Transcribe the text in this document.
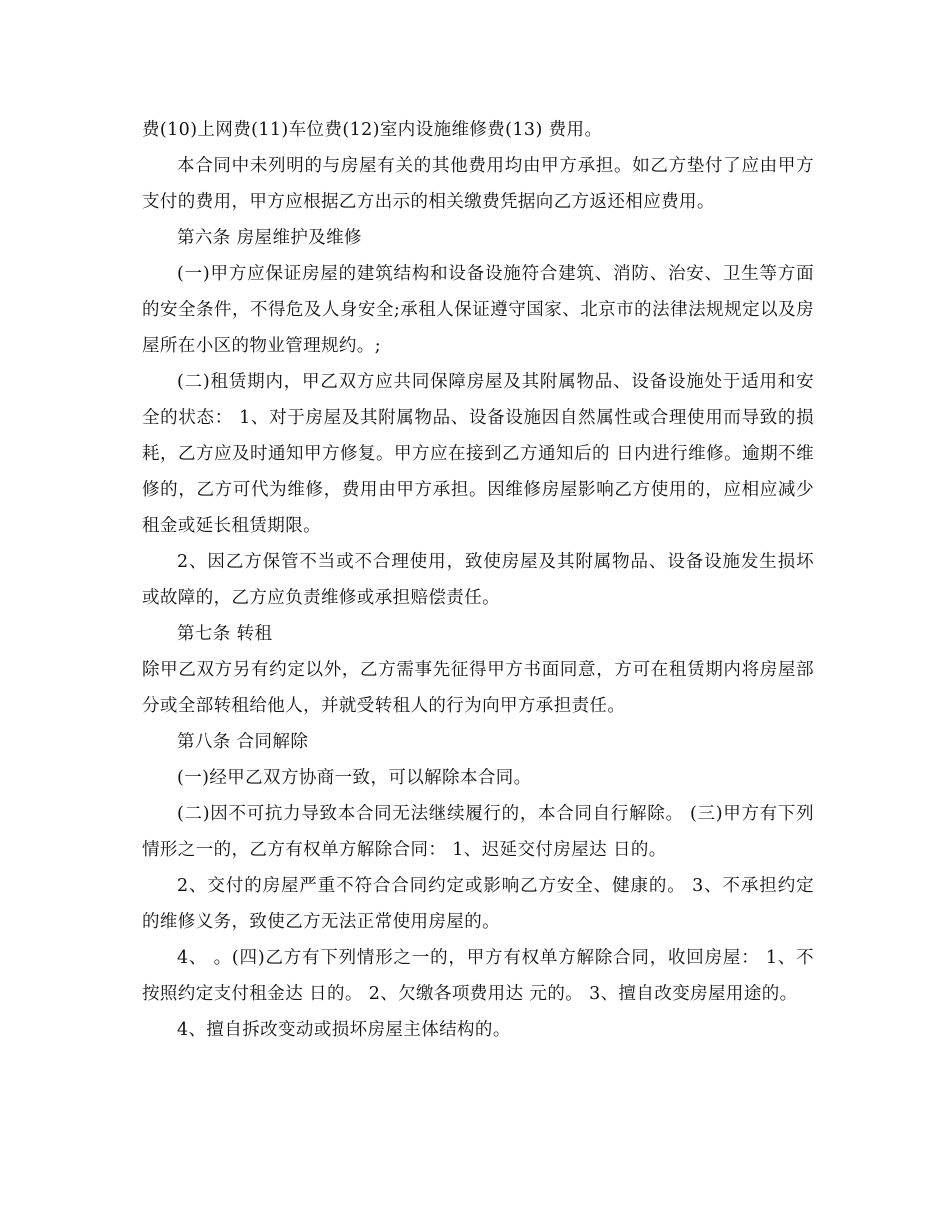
费(10)上网费(11)车位费(12)室内设施维修费(13) 费用。

本合同中未列明的与房屋有关的其他费用均由甲方承担。如乙方垫付了应由甲方支付的费用，甲方应根据乙方出示的相关缴费凭据向乙方返还相应费用。

第六条 房屋维护及维修

(一)甲方应保证房屋的建筑结构和设备设施符合建筑、消防、治安、卫生等方面的安全条件，不得危及人身安全;承租人保证遵守国家、北京市的法律法规规定以及房屋所在小区的物业管理规约。;

(二)租赁期内，甲乙双方应共同保障房屋及其附属物品、设备设施处于适用和安全的状态： 1、对于房屋及其附属物品、设备设施因自然属性或合理使用而导致的损耗，乙方应及时通知甲方修复。甲方应在接到乙方通知后的 日内进行维修。逾期不维修的，乙方可代为维修，费用由甲方承担。因维修房屋影响乙方使用的，应相应减少租金或延长租赁期限。

2、因乙方保管不当或不合理使用，致使房屋及其附属物品、设备设施发生损坏或故障的，乙方应负责维修或承担赔偿责任。

第七条 转租

除甲乙双方另有约定以外，乙方需事先征得甲方书面同意，方可在租赁期内将房屋部分或全部转租给他人，并就受转租人的行为向甲方承担责任。

第八条 合同解除

(一)经甲乙双方协商一致，可以解除本合同。

(二)因不可抗力导致本合同无法继续履行的，本合同自行解除。 (三)甲方有下列情形之一的，乙方有权单方解除合同： 1、迟延交付房屋达 日的。

2、交付的房屋严重不符合合同约定或影响乙方安全、健康的。 3、不承担约定的维修义务，致使乙方无法正常使用房屋的。

4、 。(四)乙方有下列情形之一的，甲方有权单方解除合同，收回房屋： 1、不按照约定支付租金达 日的。 2、欠缴各项费用达 元的。 3、擅自改变房屋用途的。

4、擅自拆改变动或损坏房屋主体结构的。
